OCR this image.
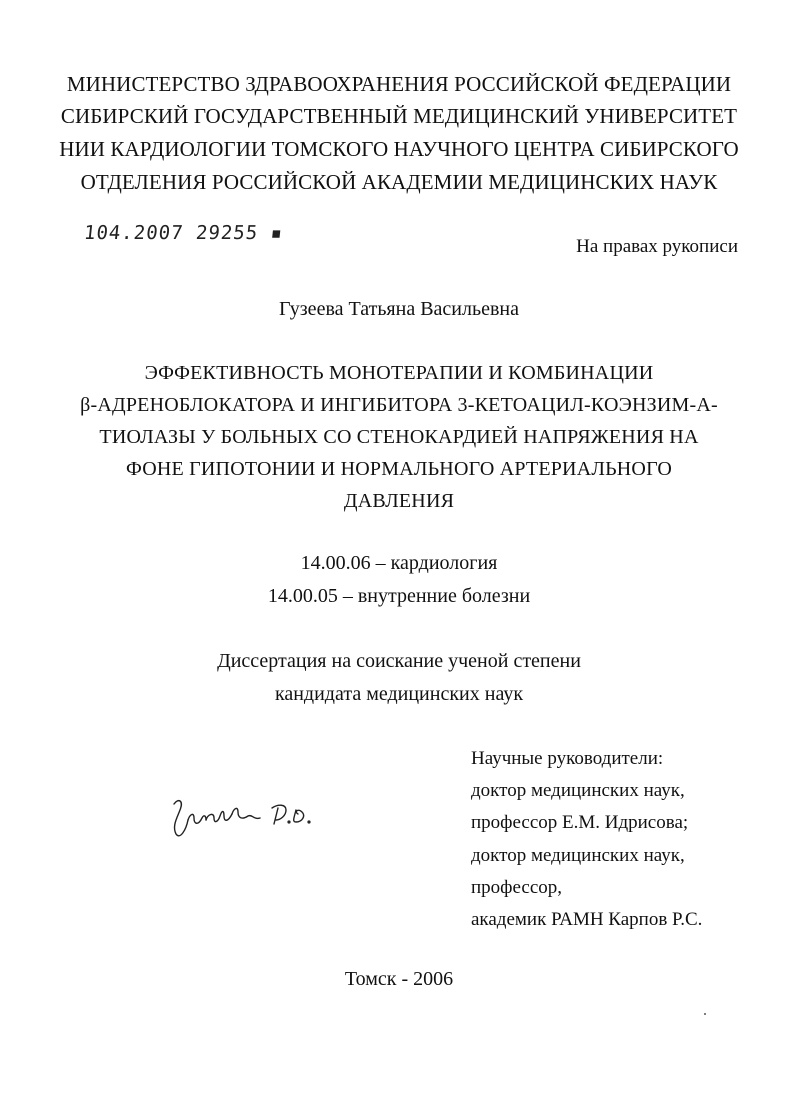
МИНИСТЕРСТВО ЗДРАВООХРАНЕНИЯ РОССИЙСКОЙ ФЕДЕРАЦИИ
СИБИРСКИЙ ГОСУДАРСТВЕННЫЙ МЕДИЦИНСКИЙ УНИВЕРСИТЕТ
НИИ КАРДИОЛОГИИ ТОМСКОГО НАУЧНОГО ЦЕНТРА СИБИРСКОГО
ОТДЕЛЕНИЯ РОССИЙСКОЙ АКАДЕМИИ МЕДИЦИНСКИХ НАУК
104.2007 29255 ▪
На правах рукописи
Гузеева Татьяна Васильевна
ЭФФЕКТИВНОСТЬ МОНОТЕРАПИИ И КОМБИНАЦИИ
β-АДРЕНОБЛОКАТОРА И ИНГИБИТОРА 3-КЕТОАЦИЛ-КОЭНЗИМ-А-
ТИОЛАЗЫ У БОЛЬНЫХ СО СТЕНОКАРДИЕЙ НАПРЯЖЕНИЯ НА
ФОНЕ ГИПОТОНИИ И НОРМАЛЬНОГО АРТЕРИАЛЬНОГО
ДАВЛЕНИЯ
14.00.06 – кардиология
14.00.05 – внутренние болезни
Диссертация на соискание ученой степени
кандидата медицинских наук
Научные руководители:
доктор медицинских наук,
профессор Е.М. Идрисова;
доктор медицинских наук,
профессор,
академик РАМН Карпов Р.С.
Томск - 2006
